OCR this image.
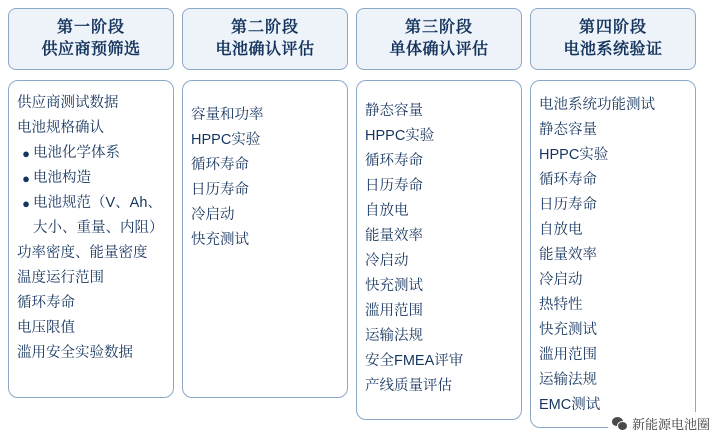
第一阶段
供应商预筛选
供应商测试数据
电池规格确认
● 电池化学体系
● 电池构造
● 电池规范（V、Ah、大小、重量、内阻）
功率密度、能量密度
温度运行范围
循环寿命
电压限值
滥用安全实验数据
第二阶段
电池确认评估
容量和功率
HPPC实验
循环寿命
日历寿命
冷启动
快充测试
第三阶段
单体确认评估
静态容量
HPPC实验
循环寿命
日历寿命
自放电
能量效率
冷启动
快充测试
滥用范围
运输法规
安全FMEA评审
产线质量评估
第四阶段
电池系统验证
电池系统功能测试
静态容量
HPPC实验
循环寿命
日历寿命
自放电
能量效率
冷启动
热特性
快充测试
滥用范围
运输法规
EMC测试
新能源电池圈
